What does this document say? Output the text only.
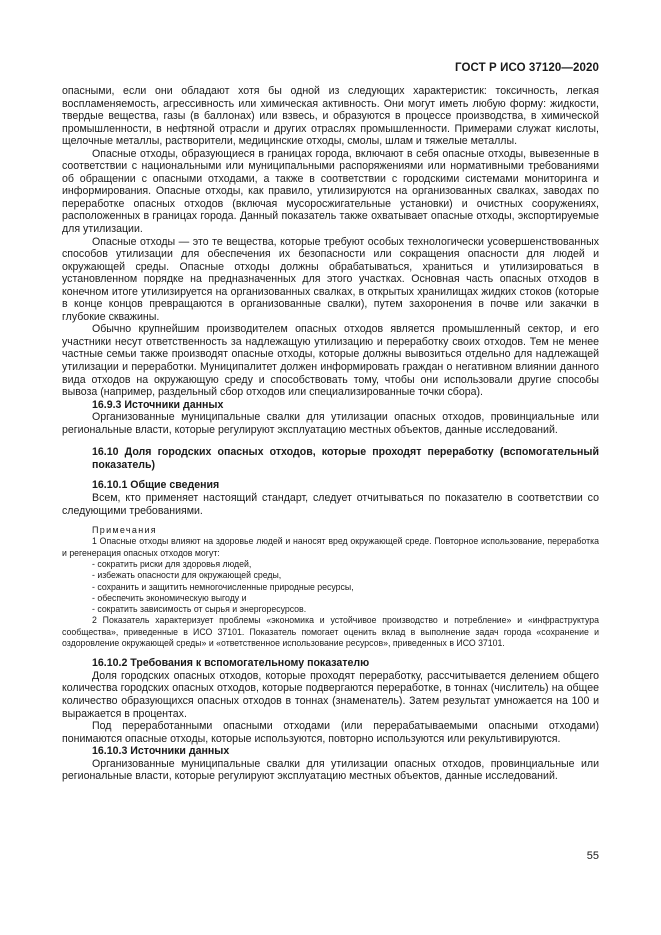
ГОСТ Р ИСО 37120—2020

опасными, если они обладают хотя бы одной из следующих характеристик: токсичность, легкая воспламеняемость, агрессивность или химическая активность. Они могут иметь любую форму: жидкости, твердые вещества, газы (в баллонах) или взвесь, и образуются в процессе производства, в химической промышленности, в нефтяной отрасли и других отраслях промышленности. Примерами служат кислоты, щелочные металлы, растворители, медицинские отходы, смолы, шлам и тяжелые металлы.

Опасные отходы, образующиеся в границах города, включают в себя опасные отходы, вывезенные в соответствии с национальными или муниципальными распоряжениями или нормативными требованиями об обращении с опасными отходами, а также в соответствии с городскими системами мониторинга и информирования. Опасные отходы, как правило, утилизируются на организованных свалках, заводах по переработке опасных отходов (включая мусоросжигательные установки) и очистных сооружениях, расположенных в границах города. Данный показатель также охватывает опасные отходы, экспортируемые для утилизации.

Опасные отходы — это те вещества, которые требуют особых технологически усовершенствованных способов утилизации для обеспечения их безопасности или сокращения опасности для людей и окружающей среды. Опасные отходы должны обрабатываться, храниться и утилизироваться в установленном порядке на предназначенных для этого участках. Основная часть опасных отходов в конечном итоге утилизируется на организованных свалках, в открытых хранилищах жидких стоков (которые в конце концов превращаются в организованные свалки), путем захоронения в почве или закачки в глубокие скважины.

Обычно крупнейшим производителем опасных отходов является промышленный сектор, и его участники несут ответственность за надлежащую утилизацию и переработку своих отходов. Тем не менее частные семьи также производят опасные отходы, которые должны вывозиться отдельно для надлежащей утилизации и переработки. Муниципалитет должен информировать граждан о негативном влиянии данного вида отходов на окружающую среду и способствовать тому, чтобы они использовали другие способы вывоза (например, раздельный сбор отходов или специализированные точки сбора).

16.9.3 Источники данных

Организованные муниципальные свалки для утилизации опасных отходов, провинциальные или региональные власти, которые регулируют эксплуатацию местных объектов, данные исследований.

16.10 Доля городских опасных отходов, которые проходят переработку (вспомогательный показатель)

16.10.1 Общие сведения

Всем, кто применяет настоящий стандарт, следует отчитываться по показателю в соответствии со следующими требованиями.

Примечания

1 Опасные отходы влияют на здоровье людей и наносят вред окружающей среде. Повторное использование, переработка и регенерация опасных отходов могут:

- сократить риски для здоровья людей,

- избежать опасности для окружающей среды,

- сохранить и защитить немногочисленные природные ресурсы,

- обеспечить экономическую выгоду и

- сократить зависимость от сырья и энергоресурсов.

2 Показатель характеризует проблемы «экономика и устойчивое производство и потребление» и «инфраструктура сообщества», приведенные в ИСО 37101. Показатель помогает оценить вклад в выполнение задач города «сохранение и оздоровление окружающей среды» и «ответственное использование ресурсов», приведенных в ИСО 37101.

16.10.2 Требования к вспомогательному показателю

Доля городских опасных отходов, которые проходят переработку, рассчитывается делением общего количества городских опасных отходов, которые подвергаются переработке, в тоннах (числитель) на общее количество образующихся опасных отходов в тоннах (знаменатель). Затем результат умножается на 100 и выражается в процентах.

Под переработанными опасными отходами (или перерабатываемыми опасными отходами) понимаются опасные отходы, которые используются, повторно используются или рекультивируются.

16.10.3 Источники данных

Организованные муниципальные свалки для утилизации опасных отходов, провинциальные или региональные власти, которые регулируют эксплуатацию местных объектов, данные исследований.

55
